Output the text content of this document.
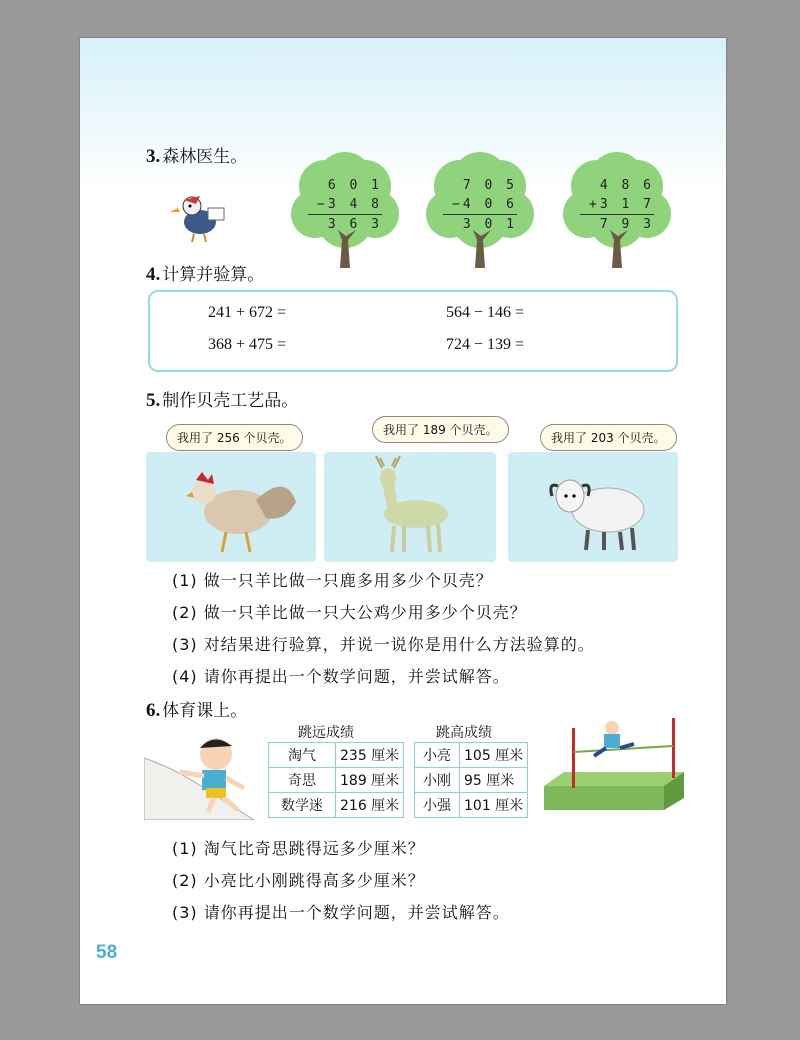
3. 森林医生。
6 0 1
−3 4 8
3 6 3
7 0 5
−4 0 6
3 0 1
4 8 6
+3 1 7
7 9 3
4. 计算并验算。
241 + 672 =	564 − 146 =
368 + 475 =	724 − 139 =
5. 制作贝壳工艺品。
我用了 256 个贝壳。
我用了 189 个贝壳。
我用了 203 个贝壳。
(1) 做一只羊比做一只鹿多用多少个贝壳？
(2) 做一只羊比做一只大公鸡少用多少个贝壳？
(3) 对结果进行验算，并说一说你是用什么方法验算的。
(4) 请你再提出一个数学问题，并尝试解答。
6. 体育课上。
跳远成绩
淘气	235 厘米
奇思	189 厘米
数学迷	216 厘米
跳高成绩
小亮	105 厘米
小刚	95 厘米
小强	101 厘米
(1) 淘气比奇思跳得远多少厘米？
(2) 小亮比小刚跳得高多少厘米？
(3) 请你再提出一个数学问题，并尝试解答。
58
